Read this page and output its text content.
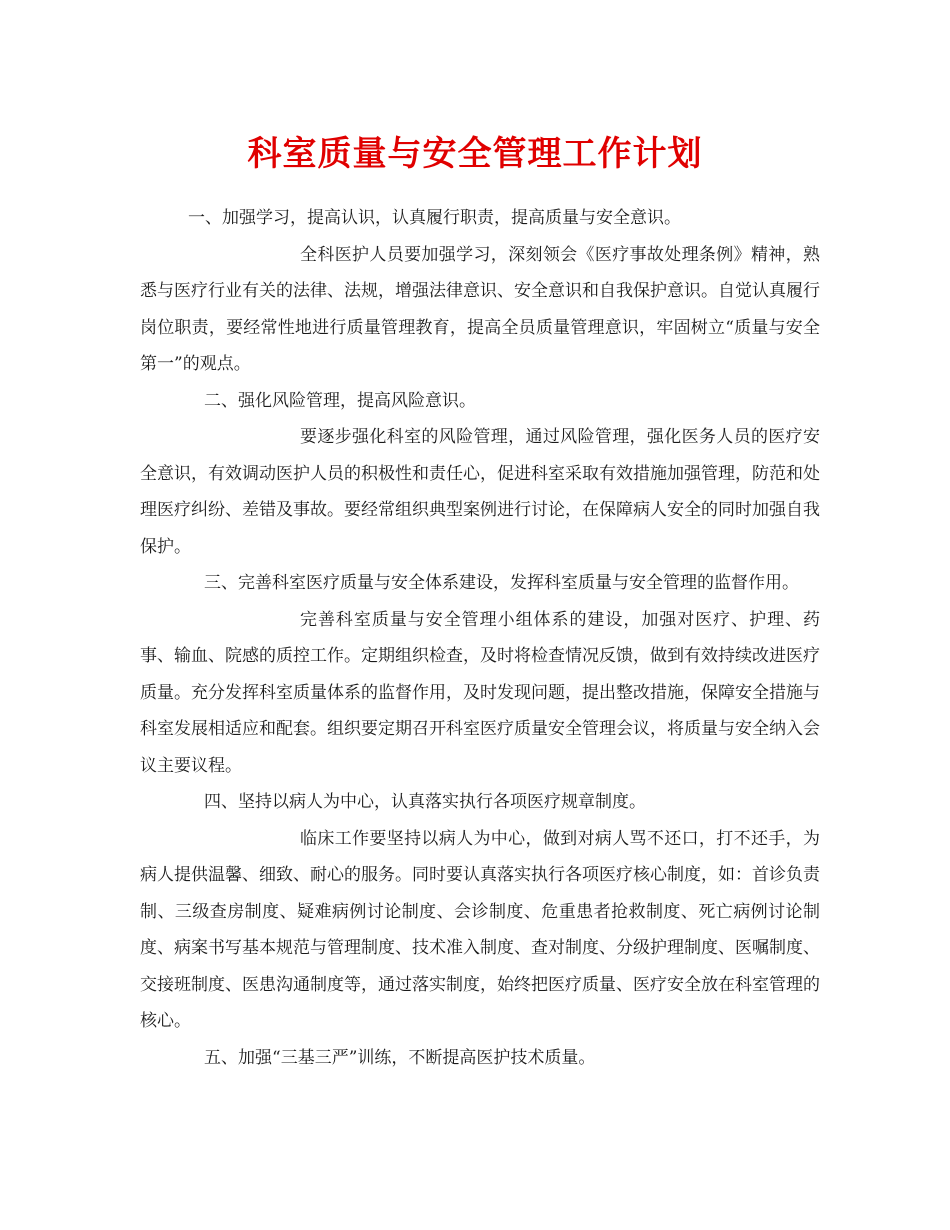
科室质量与安全管理工作计划

一、加强学习，提高认识，认真履行职责，提高质量与安全意识。

全科医护人员要加强学习，深刻领会《医疗事故处理条例》精神，熟悉与医疗行业有关的法律、法规，增强法律意识、安全意识和自我保护意识。自觉认真履行岗位职责，要经常性地进行质量管理教育，提高全员质量管理意识，牢固树立“质量与安全第一”的观点。

二、强化风险管理，提高风险意识。

要逐步强化科室的风险管理，通过风险管理，强化医务人员的医疗安全意识，有效调动医护人员的积极性和责任心，促进科室采取有效措施加强管理，防范和处理医疗纠纷、差错及事故。要经常组织典型案例进行讨论，在保障病人安全的同时加强自我保护。

三、完善科室医疗质量与安全体系建设，发挥科室质量与安全管理的监督作用。

完善科室质量与安全管理小组体系的建设，加强对医疗、护理、药事、输血、院感的质控工作。定期组织检查，及时将检查情况反馈，做到有效持续改进医疗质量。充分发挥科室质量体系的监督作用，及时发现问题，提出整改措施，保障安全措施与科室发展相适应和配套。组织要定期召开科室医疗质量安全管理会议，将质量与安全纳入会议主要议程。

四、坚持以病人为中心，认真落实执行各项医疗规章制度。

临床工作要坚持以病人为中心，做到对病人骂不还口，打不还手，为病人提供温馨、细致、耐心的服务。同时要认真落实执行各项医疗核心制度，如：首诊负责制、三级查房制度、疑难病例讨论制度、会诊制度、危重患者抢救制度、死亡病例讨论制度、病案书写基本规范与管理制度、技术准入制度、查对制度、分级护理制度、医嘱制度、交接班制度、医患沟通制度等，通过落实制度，始终把医疗质量、医疗安全放在科室管理的核心。

五、加强“三基三严”训练，不断提高医护技术质量。
